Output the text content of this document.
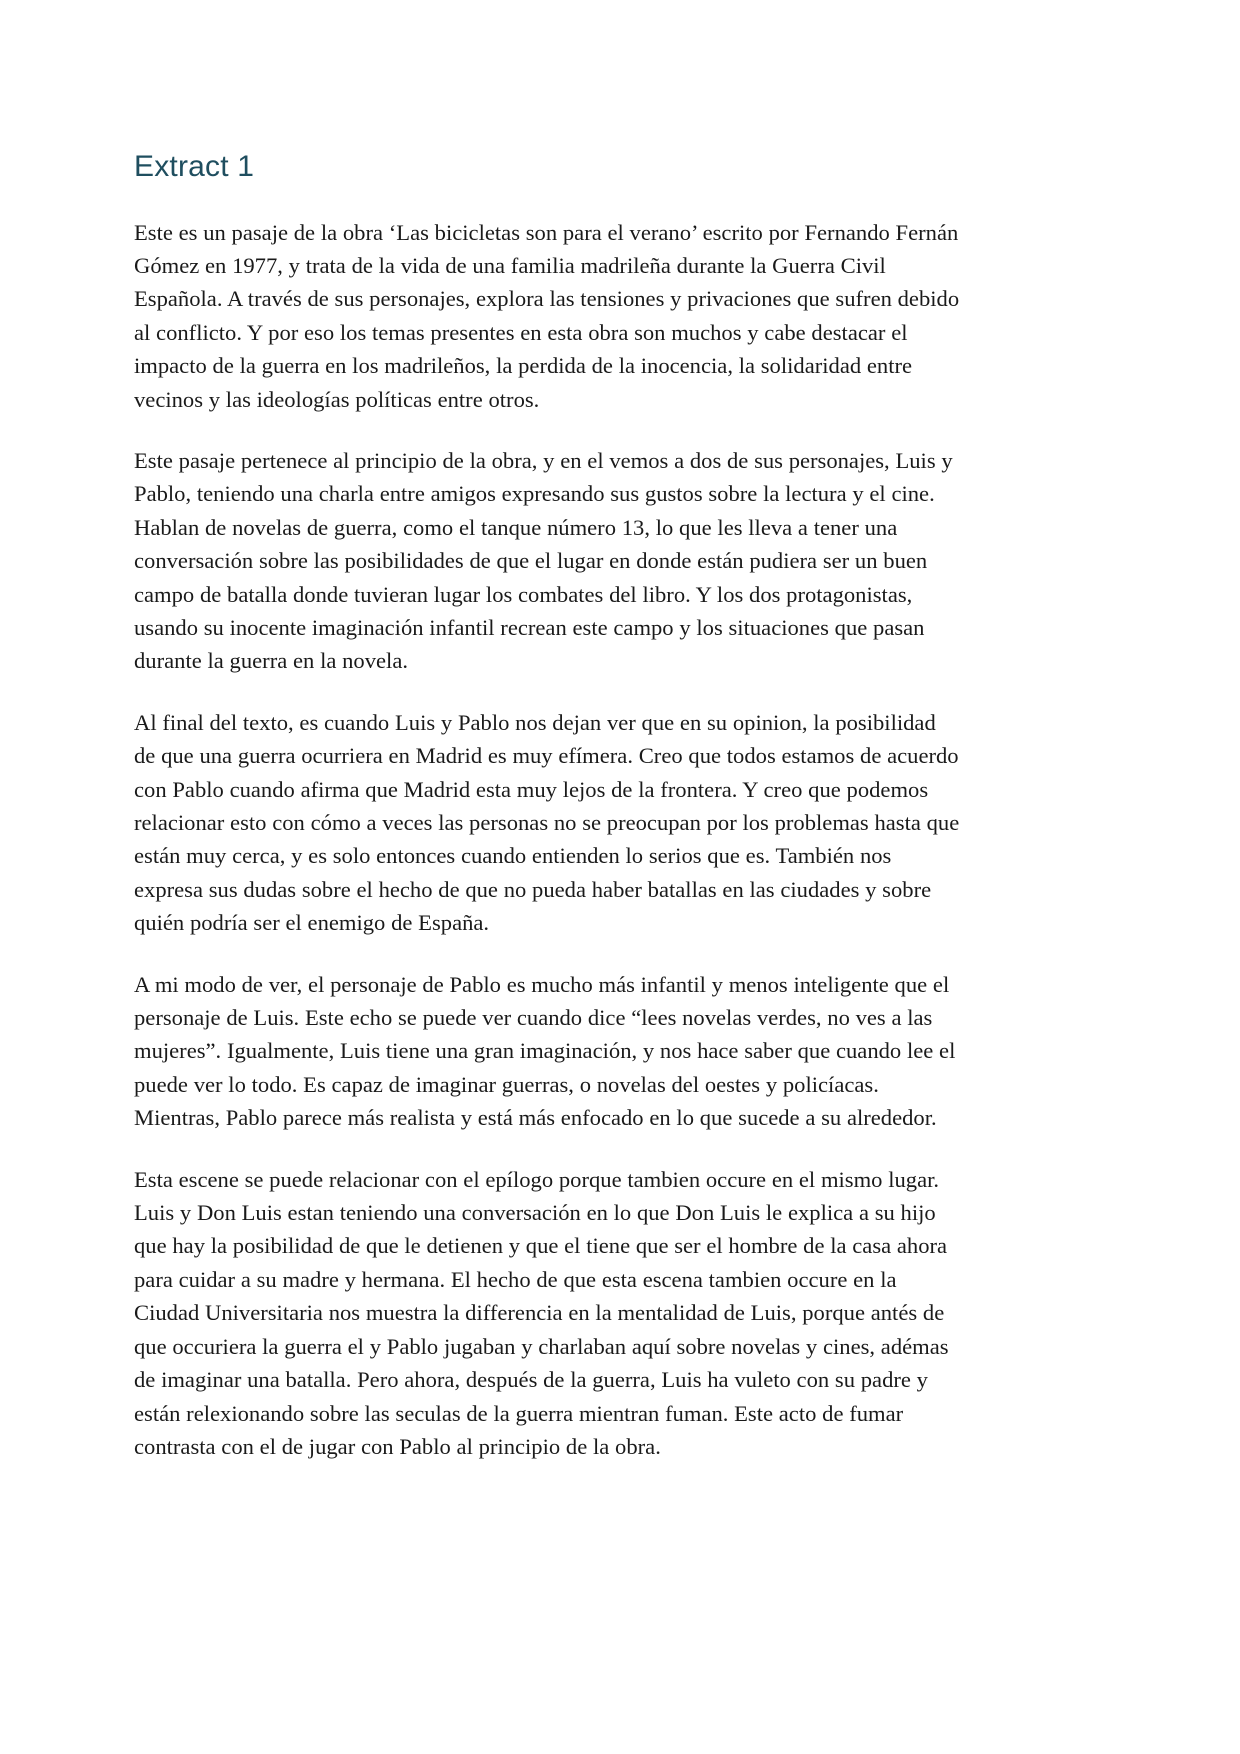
Extract 1

Este es un pasaje de la obra ‘Las bicicletas son para el verano’ escrito por Fernando Fernán Gómez en 1977, y trata de la vida de una familia madrileña durante la Guerra Civil Española. A través de sus personajes, explora las tensiones y privaciones que sufren debido al conflicto. Y por eso los temas presentes en esta obra son muchos y cabe destacar el impacto de la guerra en los madrileños, la perdida de la inocencia, la solidaridad entre vecinos y las ideologías políticas entre otros.

Este pasaje pertenece al principio de la obra, y en el vemos a dos de sus personajes, Luis y Pablo, teniendo una charla entre amigos expresando sus gustos sobre la lectura y el cine. Hablan de novelas de guerra, como el tanque número 13, lo que les lleva a tener una conversación sobre las posibilidades de que el lugar en donde están pudiera ser un buen campo de batalla donde tuvieran lugar los combates del libro. Y los dos protagonistas, usando su inocente imaginación infantil recrean este campo y los situaciones que pasan durante la guerra en la novela.

Al final del texto, es cuando Luis y Pablo nos dejan ver que en su opinion, la posibilidad de que una guerra ocurriera en Madrid es muy efímera. Creo que todos estamos de acuerdo con Pablo cuando afirma que Madrid esta muy lejos de la frontera. Y creo que podemos relacionar esto con cómo a veces las personas no se preocupan por los problemas hasta que están muy cerca, y es solo entonces cuando entienden lo serios que es. También nos expresa sus dudas sobre el hecho de que no pueda haber batallas en las ciudades y sobre quién podría ser el enemigo de España.

A mi modo de ver, el personaje de Pablo es mucho más infantil y menos inteligente que el personaje de Luis. Este echo se puede ver cuando dice “lees novelas verdes, no ves a las mujeres”. Igualmente, Luis tiene una gran imaginación, y nos hace saber que cuando lee el puede ver lo todo. Es capaz de imaginar guerras, o novelas del oestes y policíacas. Mientras, Pablo parece más realista y está más enfocado en lo que sucede a su alrededor.

Esta escene se puede relacionar con el epílogo porque tambien occure en el mismo lugar. Luis y Don Luis estan teniendo una conversación en lo que Don Luis le explica a su hijo que hay la posibilidad de que le detienen y que el tiene que ser el hombre de la casa ahora para cuidar a su madre y hermana. El hecho de que esta escena tambien occure en la Ciudad Universitaria nos muestra la differencia en la mentalidad de Luis, porque antés de que occuriera la guerra el y Pablo jugaban y charlaban aquí sobre novelas y cines, adémas de imaginar una batalla. Pero ahora, después de la guerra, Luis ha vuleto con su padre y están relexionando sobre las seculas de la guerra mientran fuman. Este acto de fumar contrasta con el de jugar con Pablo al principio de la obra.
